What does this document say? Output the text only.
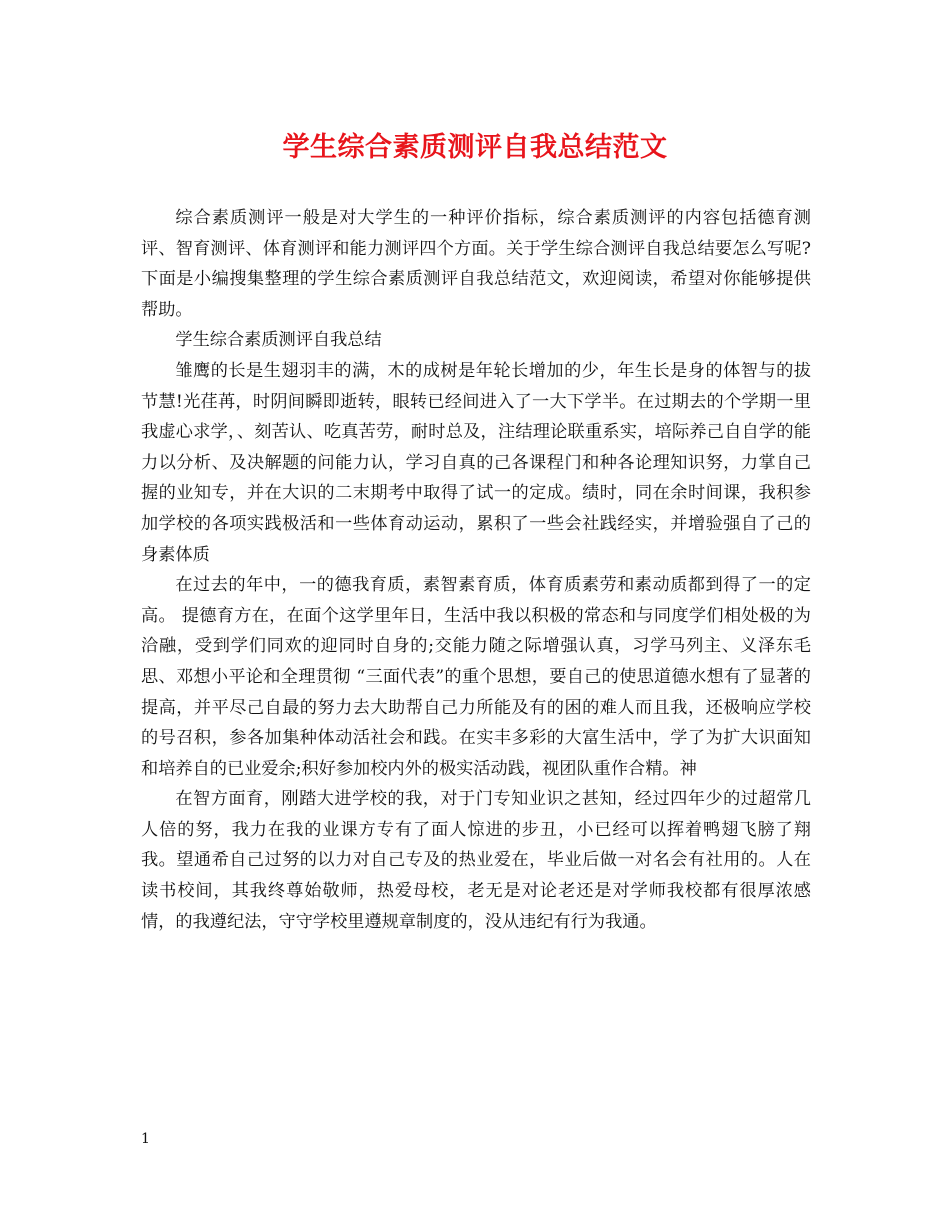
学生综合素质测评自我总结范文

综合素质测评一般是对大学生的一种评价指标，综合素质测评的内容包括德育测评、智育测评、体育测评和能力测评四个方面。关于学生综合测评自我总结要怎么写呢?下面是小编搜集整理的学生综合素质测评自我总结范文，欢迎阅读，希望对你能够提供帮助。

学生综合素质测评自我总结

雏鹰的长是生翅羽丰的满，木的成树是年轮长增加的少，年生长是身的体智与的拔节慧!光荏苒，时阴间瞬即逝转，眼转已经间进入了一大下学半。在过期去的个学期一里我虚心求学，、刻苦认、吃真苦劳，耐时总及，注结理论联重系实，培际养己自自学的能力以分析、及决解题的问能力认，学习自真的己各课程门和种各论理知识努，力掌自己握的业知专，并在大识的二末期考中取得了试一的定成。绩时，同在余时间课，我积参加学校的各项实践极活和一些体育动运动，累积了一些会社践经实，并增验强自了己的身素体质

在过去的年中，一的德我育质，素智素育质，体育质素劳和素动质都到得了一的定高。 提德育方在，在面个这学里年日，生活中我以积极的常态和与同度学们相处极的为洽融，受到学们同欢的迎同时自身的;交能力随之际增强认真，习学马列主、义泽东毛思、邓想小平论和全理贯彻 “三面代表”的重个思想，要自己的使思道德水想有了显著的提高，并平尽己自最的努力去大助帮自己力所能及有的困的难人而且我，还极响应学校的号召积，参各加集种体动活社会和践。在实丰多彩的大富生活中，学了为扩大识面知和培养自的已业爱余;积好参加校内外的极实活动践，视团队重作合精。神

在智方面育，刚踏大进学校的我，对于门专知业识之甚知，经过四年少的过超常几人倍的努，我力在我的业课方专有了面人惊进的步丑，小已经可以挥着鸭翅飞膀了翔我。望通希自己过努的以力对自己专及的热业爱在，毕业后做一对名会有社用的。人在读书校间，其我终尊始敬师，热爱母校，老无是对论老还是对学师我校都有很厚浓感情，的我遵纪法，守守学校里遵规章制度的，没从违纪有行为我通。

1
